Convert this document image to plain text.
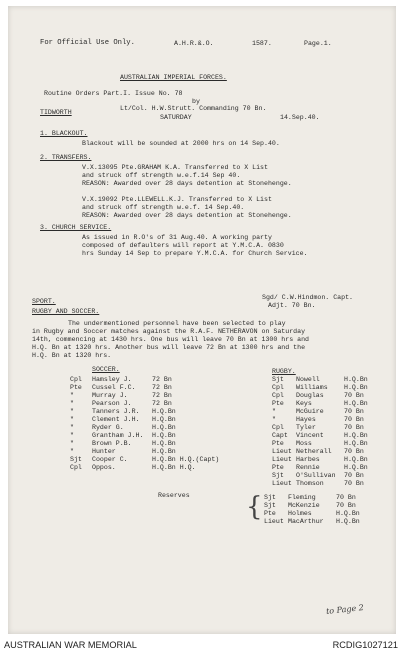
For Official Use Only.	A.H.R.&.O.	1587.	Page.1.
AUSTRALIAN IMPERIAL FORCES.
Routine Orders Part.I. Issue No. 78
by
TIDWORTH
Lt/Col. H.W.Strutt. Commanding 70 Bn.
SATURDAY	14.Sep.40.
1. BLACKOUT.
Blackout will be sounded at 2000 hrs on 14 Sep.40.
2. TRANSFERS.
V.X.13095 Pte.GRAHAM K.A. Transferred to X List
and struck off strength w.e.f.14 Sep 40.
REASON: Awarded over 28 days detention at Stonehenge.
V.X.19092 Pte.LLEWELL.K.J. Transferred to X List
and struck off strength w.e.f. 14 Sep.40.
REASON: Awarded over 28 days detention at Stonehenge.
3. CHURCH SERVICE.
As issued in R.O's of 31 Aug.40. A working party
composed of defaulters will report at Y.M.C.A. 0830
hrs Sunday 14 Sep to prepare Y.M.C.A. for Church Service.
Sgd/ C.W.Hindmon. Capt.
Adjt. 70 Bn.
SPORT.
RUGBY AND SOCCER.
The undermentioned personnel have been selected to play
in Rugby and Soccer matches against the R.A.F. NETHERAVON on Saturday
14th, commencing at 1430 hrs. One bus will leave 70 Bn at 1300 hrs and
H.Q. Bn at 1320 hrs. Another bus will leave 72 Bn at 1300 hrs and the
H.Q. Bn at 1320 hrs.
SOCCER.
Cpl Hamsley J.	72 Bn
Pte Cussel F.C. 72 Bn
"	Murray J.	72 Bn
"	Pearson J.	72 Bn
"	Tanners J.R. H.Q.Bn
"	Clement J.H. H.Q.Bn
"	Ryder G.	H.Q.Bn
"	Grantham J.H. H.Q.Bn
"	Brown P.B.	H.Q.Bn
"	Hunter	H.Q.Bn
Sjt Cooper C.	H.Q.Bn H.Q.(Capt)
Cpl Oppos.	H.Q.Bn H.Q.
Reserves
RUGBY.
Sjt Nowell	H.Q.Bn
Cpl Williams H.Q.Bn
Cpl Douglas	70 Bn
Pte Keys	H.Q.Bn
"	McGuire	70 Bn
"	Hayes	70 Bn
Cpl Tyler	70 Bn
Capt Vincent	H.Q.Bn
Pte Moss	H.Q.Bn
Lieut Netherall 70 Bn
Lieut Harbes	H.Q.Bn
Pte Rennie	H.Q.Bn
Sjt O'Sullivan 70 Bn
Lieut Thomson	70 Bn
{ Sjt Fleming	70 Bn
Sjt McKenzie 70 Bn
Pte Holmes	H.Q.Bn
Lieut MacArthur H.Q.Bn
to Page 2
AUSTRALIAN WAR MEMORIAL	RCDIG1027121
